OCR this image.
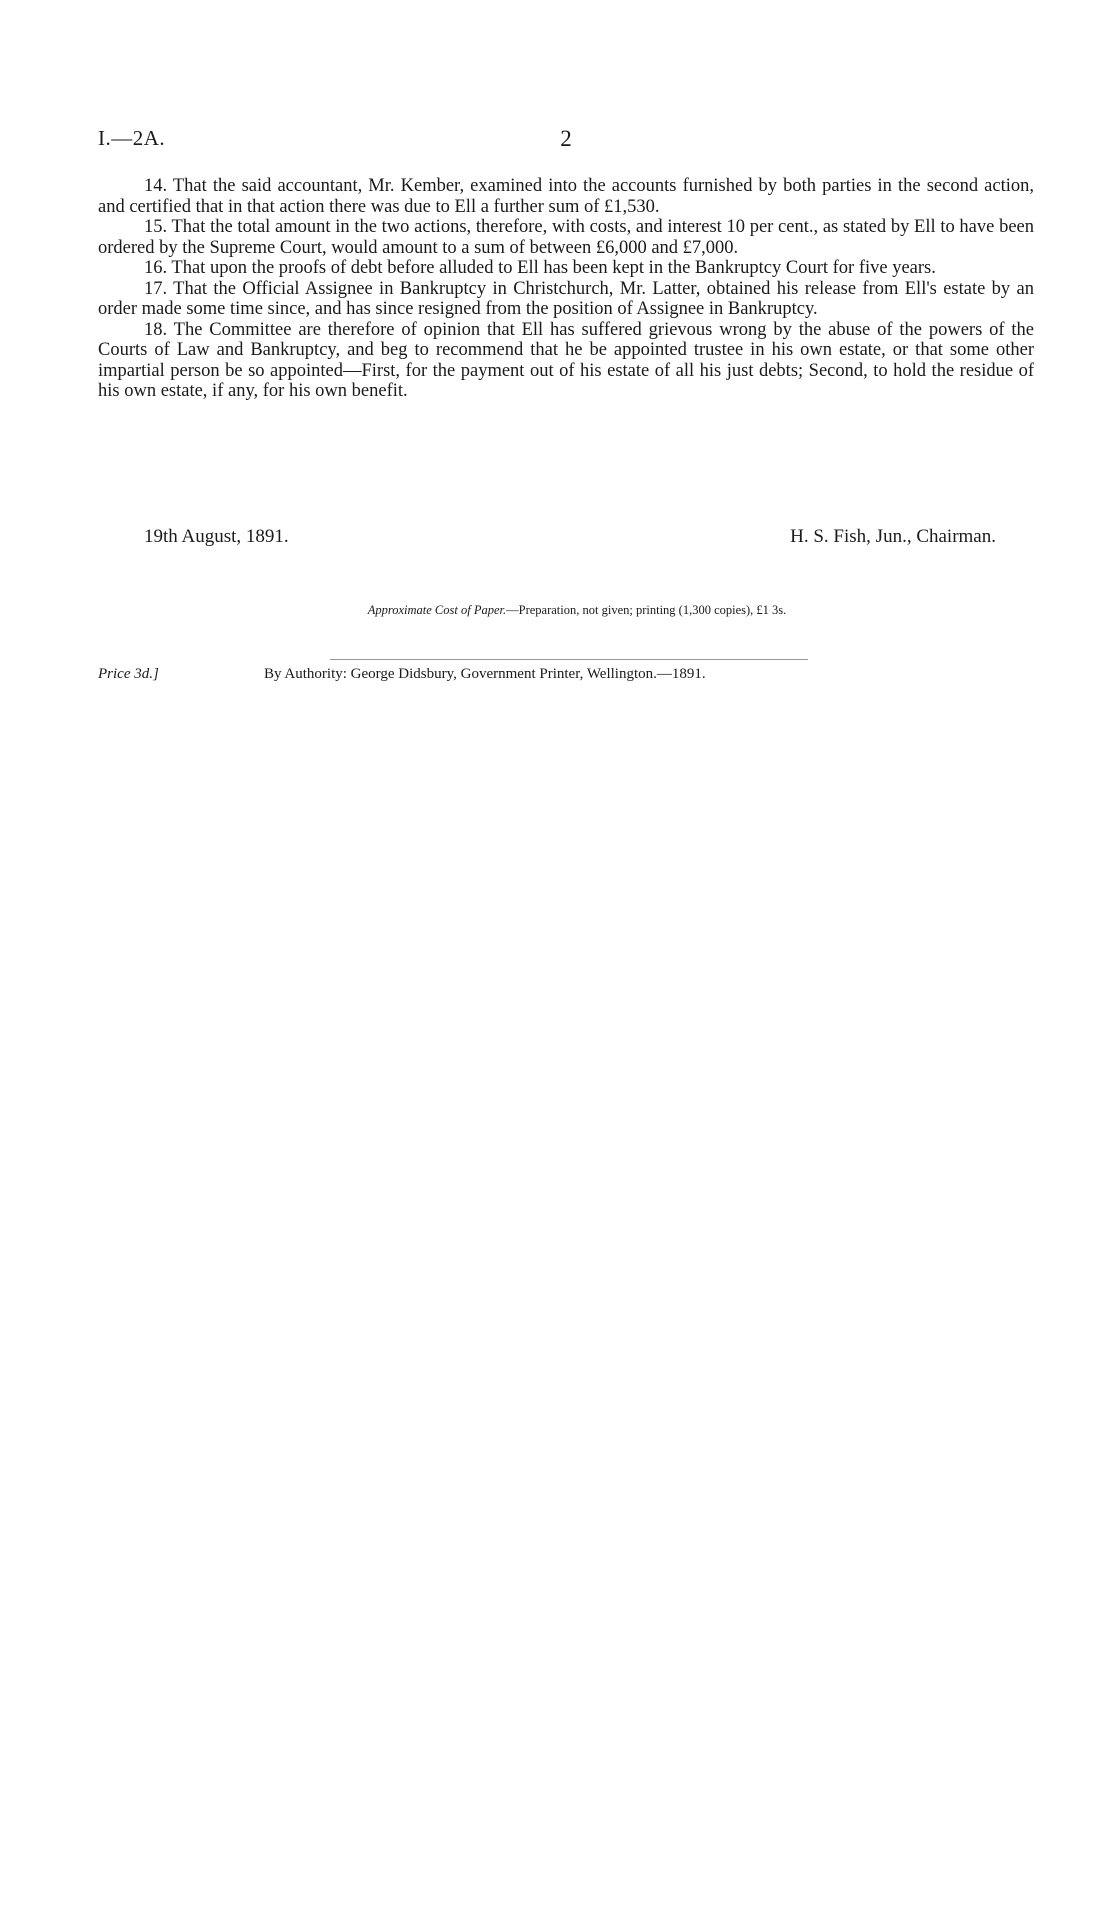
I.—2A.	2

14. That the said accountant, Mr. Kember, examined into the accounts furnished by both parties in the second action, and certified that in that action there was due to Ell a further sum of £1,530.

15. That the total amount in the two actions, therefore, with costs, and interest 10 per cent., as stated by Ell to have been ordered by the Supreme Court, would amount to a sum of between £6,000 and £7,000.

16. That upon the proofs of debt before alluded to Ell has been kept in the Bankruptcy Court for five years.

17. That the Official Assignee in Bankruptcy in Christchurch, Mr. Latter, obtained his release from Ell's estate by an order made some time since, and has since resigned from the position of Assignee in Bankruptcy.

18. The Committee are therefore of opinion that Ell has suffered grievous wrong by the abuse of the powers of the Courts of Law and Bankruptcy, and beg to recommend that he be appointed trustee in his own estate, or that some other impartial person be so appointed—First, for the payment out of his estate of all his just debts; Second, to hold the residue of his own estate, if any, for his own benefit.

19th August, 1891.	H. S. Fish, Jun., Chairman.
Approximate Cost of Paper.—Preparation, not given; printing (1,300 copies), £1 3s.
Price 3d.]	By Authority: George Didsbury, Government Printer, Wellington.—1891.
